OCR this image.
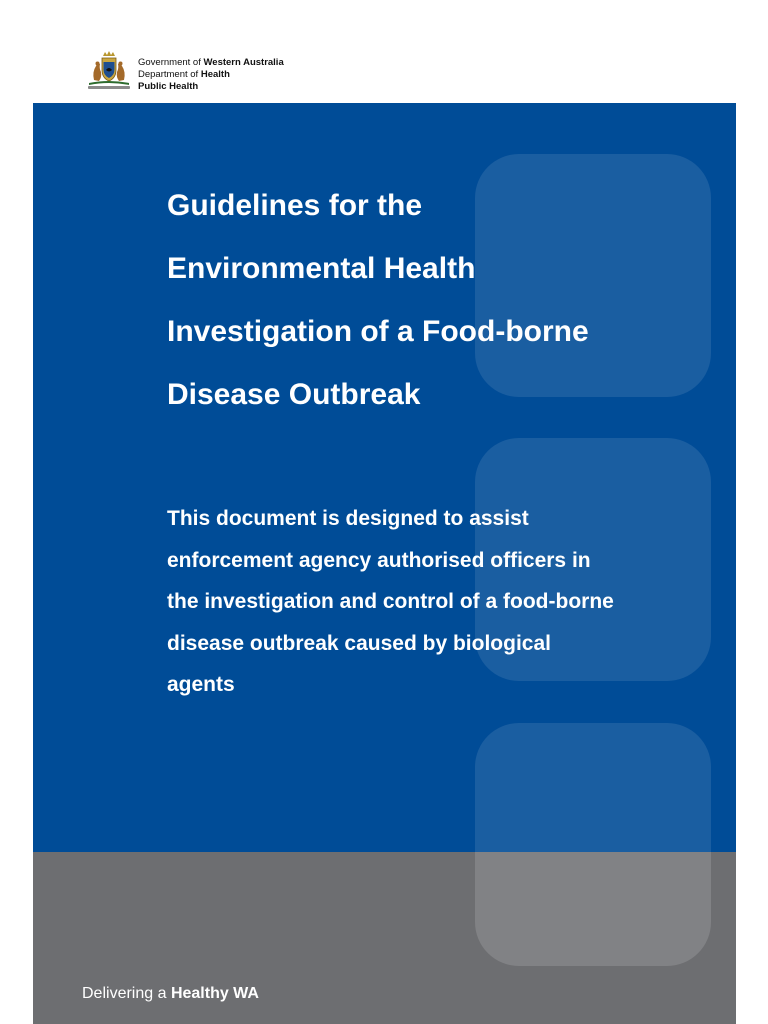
Government of Western Australia
Department of Health
Public Health
Guidelines for the
Environmental Health
Investigation of a Food-borne
Disease Outbreak
This document is designed to assist
enforcement agency authorised officers in
the investigation and control of a food-borne
disease outbreak caused by biological
agents
Delivering a Healthy WA
